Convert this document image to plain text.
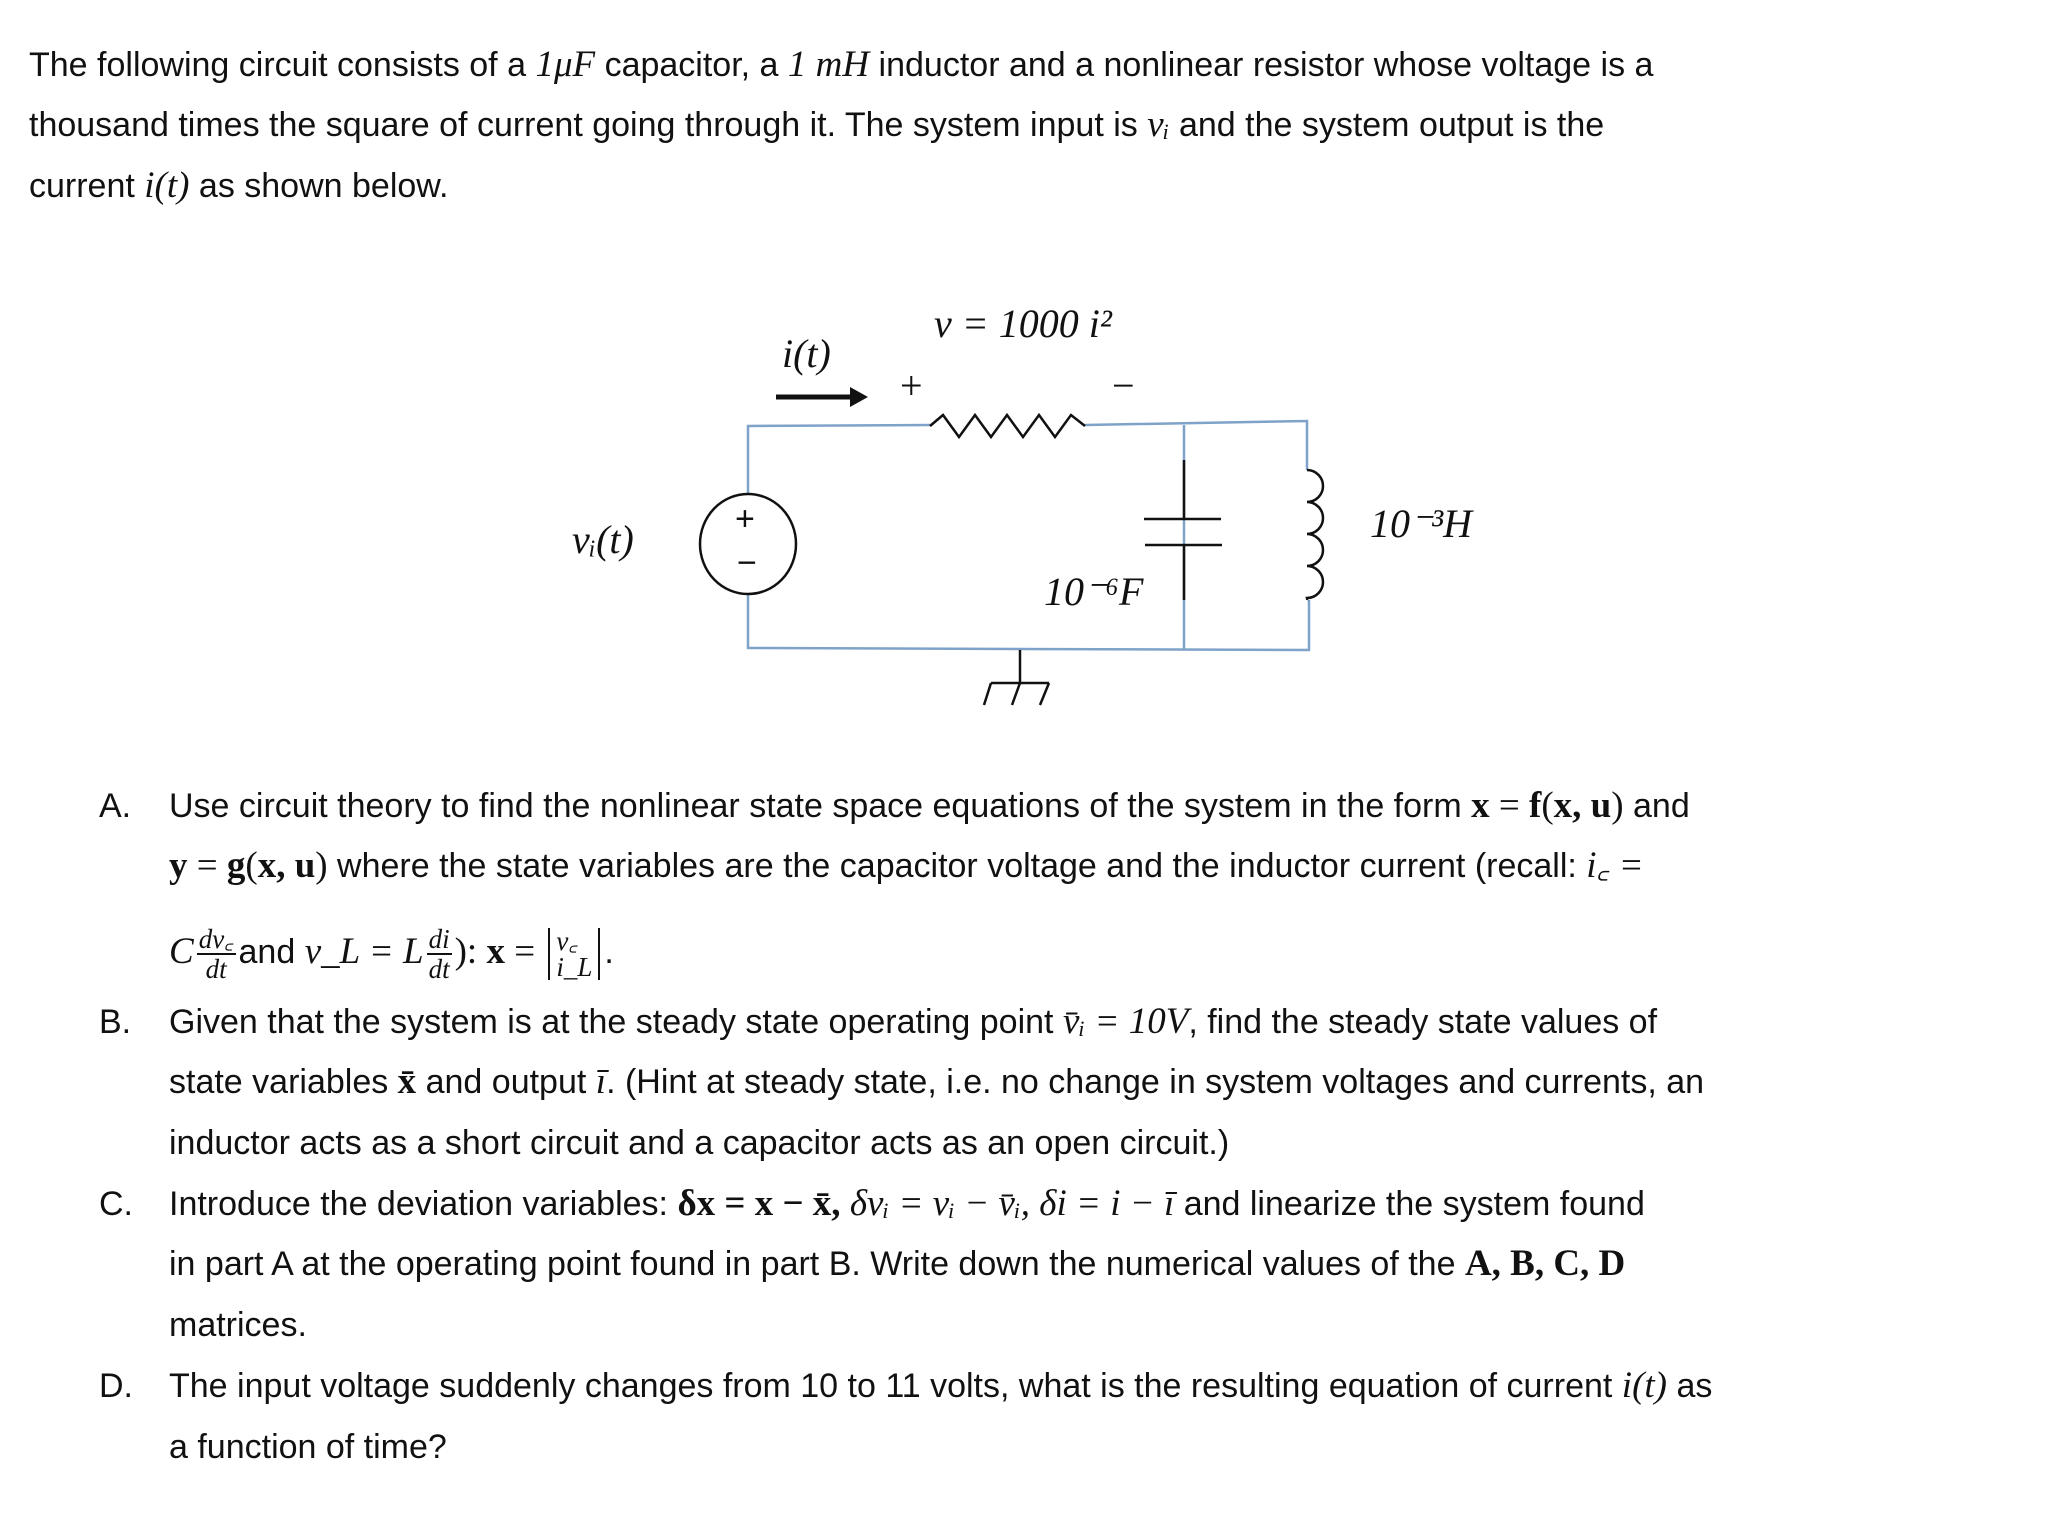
The following circuit consists of a 1μF capacitor, a 1 mH inductor and a nonlinear resistor whose voltage is a
thousand times the square of current going through it. The system input is vᵢ and the system output is the
current i(t) as shown below.
i(t)
v = 1000 i²
+	−
vᵢ(t)	+
−
10⁻⁶F
10⁻³H
A. Use circuit theory to find the nonlinear state space equations of the system in the form x = f(x, u) and
y = g(x, u) where the state variables are the capacitor voltage and the inductor current (recall: i꜀ =
C $\frac{dv꜀}{dt}$ and v_L = L $\frac{di}{dt}$ ): x = v꜀
i_L .
B. Given that the system is at the steady state operating point v̄ᵢ = 10V, find the steady state values of
state variables x̄ and output ī. (Hint at steady state, i.e. no change in system voltages and currents, an
inductor acts as a short circuit and a capacitor acts as an open circuit.)
C. Introduce the deviation variables: δx = x − x̄, δvᵢ = vᵢ − v̄ᵢ, δi = i − ī and linearize the system found
in part A at the operating point found in part B. Write down the numerical values of the A, B, C, D
matrices.
D. The input voltage suddenly changes from 10 to 11 volts, what is the resulting equation of current i(t) as
a function of time?
